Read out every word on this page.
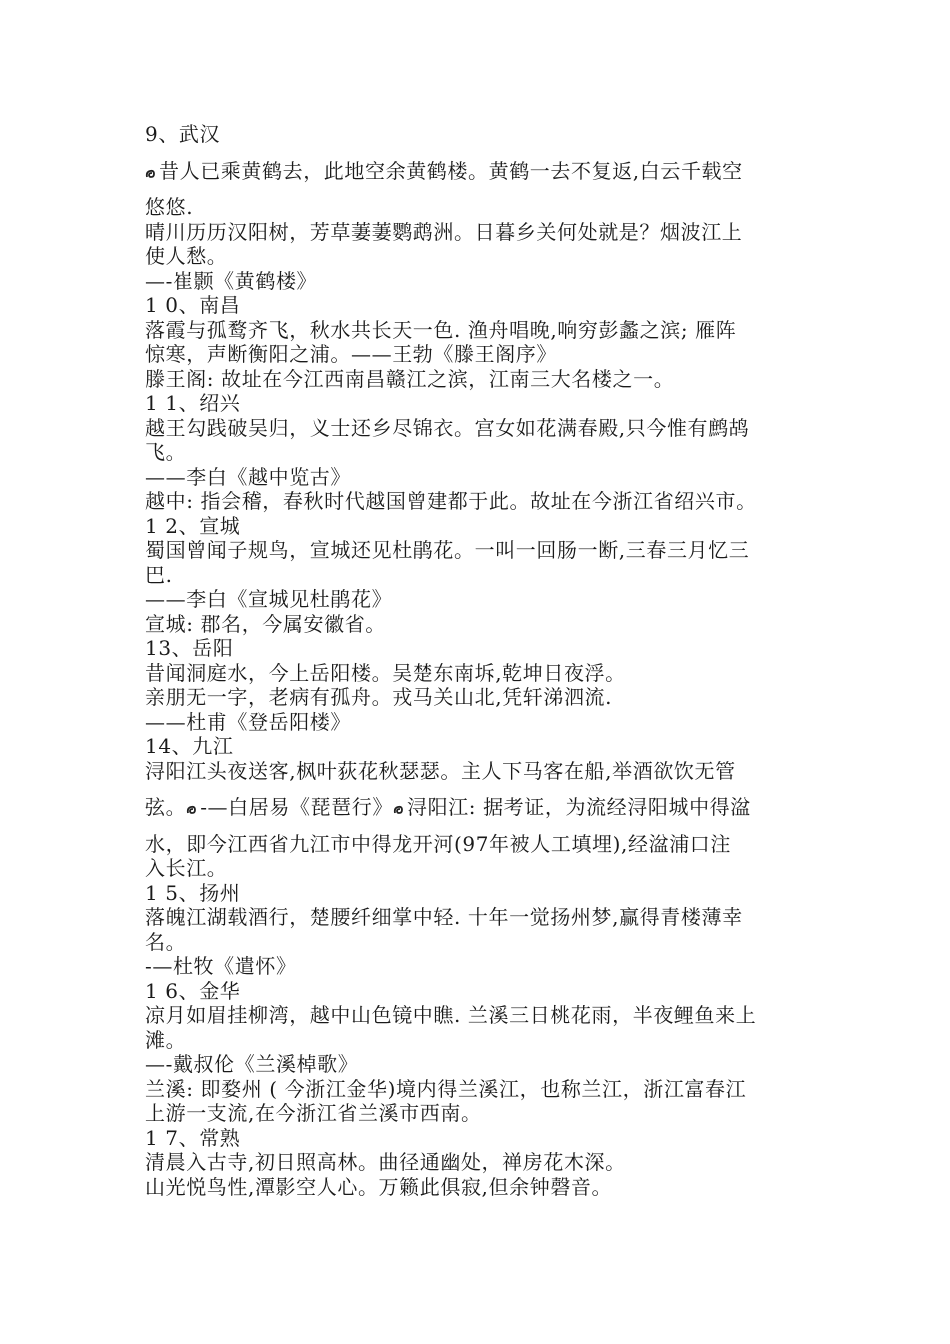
9、武汉
昔人已乘黄鹤去，此地空余黄鹤楼。黄鹤一去不复返,白云千载空
悠悠.
晴川历历汉阳树，芳草萋萋鹦鹉洲。日暮乡关何处就是？烟波江上
使人愁。
—-崔颢《黄鹤楼》
1 0、南昌
落霞与孤鹜齐飞，秋水共长天一色. 渔舟唱晚,响穷彭蠡之滨; 雁阵
惊寒，声断衡阳之浦。——王勃《滕王阁序》
滕王阁: 故址在今江西南昌赣江之滨，江南三大名楼之一。
1 1、绍兴
越王勾践破吴归，义士还乡尽锦衣。宫女如花满春殿,只今惟有鹧鸪
飞。
——李白《越中览古》
越中: 指会稽，春秋时代越国曾建都于此。故址在今浙江省绍兴市。
1 2、宣城
蜀国曾闻子规鸟，宣城还见杜鹃花。一叫一回肠一断,三春三月忆三
巴.
——李白《宣城见杜鹃花》
宣城: 郡名，今属安徽省。
13、岳阳
昔闻洞庭水，今上岳阳楼。吴楚东南坼,乾坤日夜浮。
亲朋无一字，老病有孤舟。戎马关山北,凭轩涕泗流.
——杜甫《登岳阳楼》
14、九江
浔阳江头夜送客,枫叶荻花秋瑟瑟。主人下马客在船,举酒欲饮无管
弦。 -—白居易《琵琶行》 浔阳江: 据考证，为流经浔阳城中得湓
水，即今江西省九江市中得龙开河(97年被人工填埋),经湓浦口注
入长江。
1 5、扬州
落魄江湖载酒行，楚腰纤细掌中轻. 十年一觉扬州梦,赢得青楼薄幸
名。
-—杜牧《遣怀》
1 6、金华
凉月如眉挂柳湾，越中山色镜中瞧. 兰溪三日桃花雨，半夜鲤鱼来上
滩。
—-戴叔伦《兰溪棹歌》
兰溪: 即婺州 ( 今浙江金华)境内得兰溪江，也称兰江，浙江富春江
上游一支流,在今浙江省兰溪市西南。
1 7、常熟
清晨入古寺,初日照高林。曲径通幽处，禅房花木深。
山光悦鸟性,潭影空人心。万籁此俱寂,但余钟磬音。
